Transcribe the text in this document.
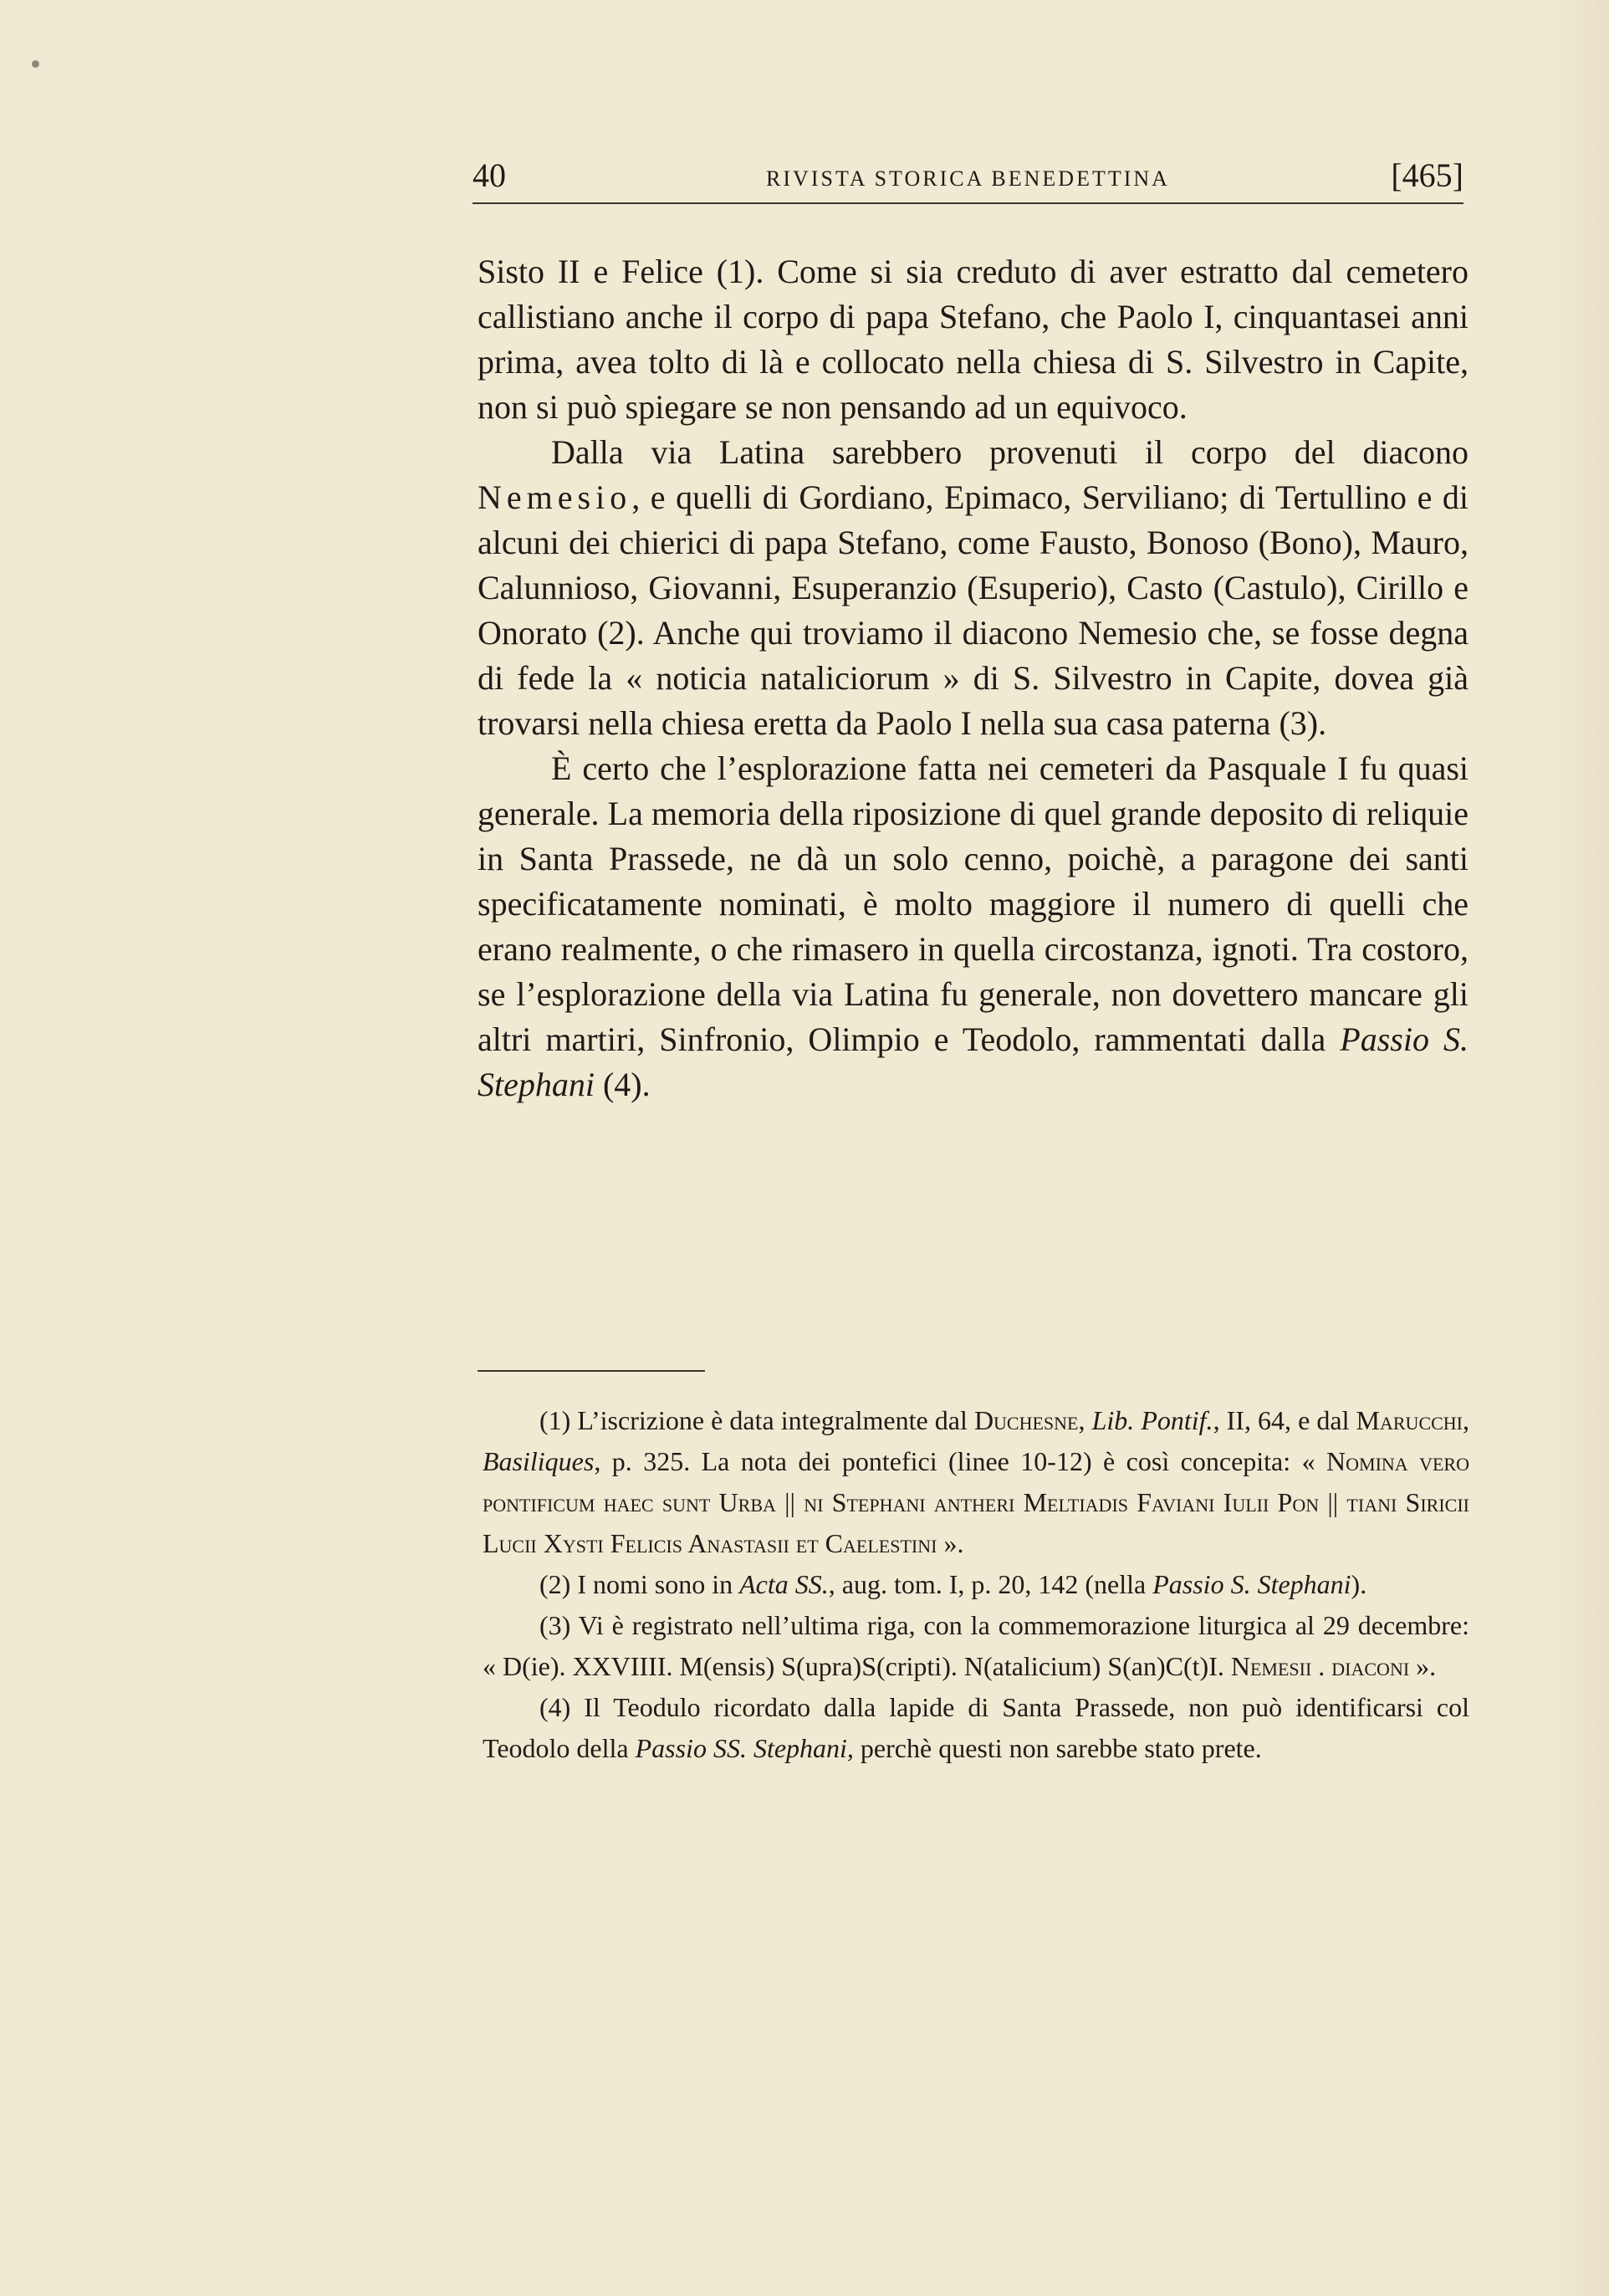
40	RIVISTA STORICA BENEDETTINA	[465]

Sisto II e Felice (1). Come si sia creduto di aver estratto dal cemetero callistiano anche il corpo di papa Stefano, che Paolo I, cinquantasei anni prima, avea tolto di là e collocato nella chiesa di S. Silvestro in Capite, non si può spiegare se non pensando ad un equivoco.

Dalla via Latina sarebbero provenuti il corpo del diacono Nemesio, e quelli di Gordiano, Epimaco, Serviliano; di Tertullino e di alcuni dei chierici di papa Stefano, come Fausto, Bonoso (Bono), Mauro, Calunnioso, Giovanni, Esuperanzio (Esuperio), Casto (Castulo), Cirillo e Onorato (2). Anche qui troviamo il diacono Nemesio che, se fosse degna di fede la « noticia nataliciorum » di S. Silvestro in Capite, dovea già trovarsi nella chiesa eretta da Paolo I nella sua casa paterna (3).

È certo che l’esplorazione fatta nei cemeteri da Pasquale I fu quasi generale. La memoria della riposizione di quel grande deposito di reliquie in Santa Prassede, ne dà un solo cenno, poichè, a paragone dei santi specificatamente nominati, è molto maggiore il numero di quelli che erano realmente, o che rimasero in quella circostanza, ignoti. Tra costoro, se l’esplorazione della via Latina fu generale, non dovettero mancare gli altri martiri, Sinfronio, Olimpio e Teodolo, rammentati dalla Passio S. Stephani (4).

(1) L’iscrizione è data integralmente dal Duchesne, Lib. Pontif., II, 64, e dal Marucchi, Basiliques, p. 325. La nota dei pontefici (linee 10-12) è così concepita: « Nomina vero pontificum haec sunt Urba || ni Stephani antheri Meltiadis Faviani Iulii Pon || tiani Siricii Lucii Xysti Felicis Anastasii et Caelestini ».

(2) I nomi sono in Acta SS., aug. tom. I, p. 20, 142 (nella Passio S. Stephani).

(3) Vi è registrato nell’ultima riga, con la commemorazione liturgica al 29 decembre: « D(ie). XXVIIII. M(ensis) S(upra)S(cripti). N(atalicium) S(an)C(t)I. Nemesii . diaconi ».

(4) Il Teodulo ricordato dalla lapide di Santa Prassede, non può identificarsi col Teodolo della Passio SS. Stephani, perchè questi non sarebbe stato prete.
